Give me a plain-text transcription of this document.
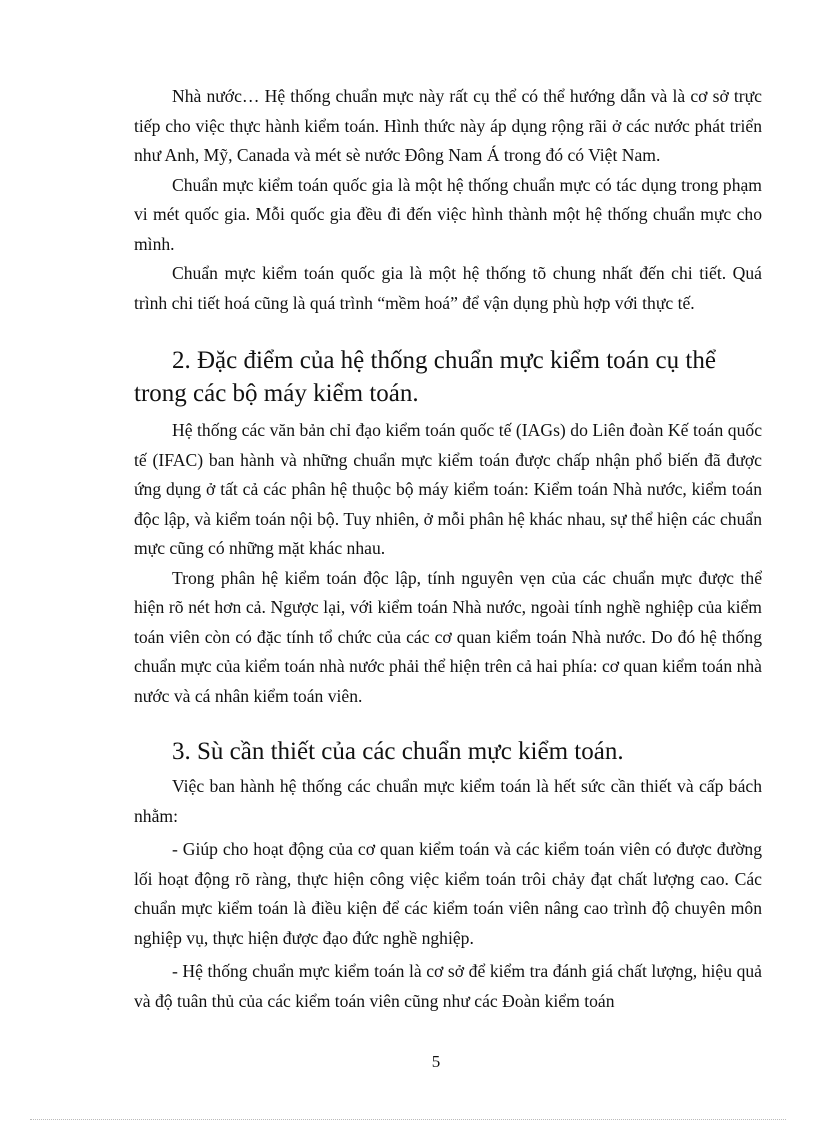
Nhà nước… Hệ thống chuẩn mực này rất cụ thể có thể hướng dẫn và là cơ sở trực tiếp cho việc thực hành kiểm toán. Hình thức này áp dụng rộng rãi ở các nước phát triển như Anh, Mỹ, Canada và mét sè nước Đông Nam Á trong đó có Việt Nam.

Chuẩn mực kiểm toán quốc gia là một hệ thống chuẩn mực có tác dụng trong phạm vi mét quốc gia. Mỗi quốc gia đều đi đến việc hình thành một hệ thống chuẩn mực cho mình.

Chuẩn mực kiểm toán quốc gia là một hệ thống tõ chung nhất đến chi tiết. Quá trình chi tiết hoá cũng là quá trình “mềm hoá” để vận dụng phù hợp với thực tế.

2. Đặc điểm của hệ thống chuẩn mực kiểm toán cụ thể trong các bộ máy kiểm toán.

Hệ thống các văn bản chỉ đạo kiểm toán quốc tế (IAGs) do Liên đoàn Kế toán quốc tế (IFAC) ban hành và những chuẩn mực kiểm toán được chấp nhận phổ biến đã được ứng dụng ở tất cả các phân hệ thuộc bộ máy kiểm toán: Kiểm toán Nhà nước, kiểm toán độc lập, và kiểm toán nội bộ. Tuy nhiên, ở mỗi phân hệ khác nhau, sự thể hiện các chuẩn mực cũng có những mặt khác nhau.

Trong phân hệ kiểm toán độc lập, tính nguyên vẹn của các chuẩn mực được thể hiện rõ nét hơn cả. Ngược lại, với kiểm toán Nhà nước, ngoài tính nghề nghiệp của kiểm toán viên còn có đặc tính tổ chức của các cơ quan kiểm toán Nhà nước. Do đó hệ thống chuẩn mực của kiểm toán nhà nước phải thể hiện trên cả hai phía: cơ quan kiểm toán nhà nước và cá nhân kiểm toán viên.

3. Sù cần thiết của các chuẩn mực kiểm toán.

Việc ban hành hệ thống các chuẩn mực kiểm toán là hết sức cần thiết và cấp bách nhằm:

- Giúp cho hoạt động của cơ quan kiểm toán và các kiểm toán viên có được đường lối hoạt động rõ ràng, thực hiện công việc kiểm toán trôi chảy đạt chất lượng cao. Các chuẩn mực kiểm toán là điều kiện để các kiểm toán viên nâng cao trình độ chuyên môn nghiệp vụ, thực hiện được đạo đức nghề nghiệp.

- Hệ thống chuẩn mực kiểm toán là cơ sở để kiểm tra đánh giá chất lượng, hiệu quả và độ tuân thủ của các kiểm toán viên cũng như các Đoàn kiểm toán

5
